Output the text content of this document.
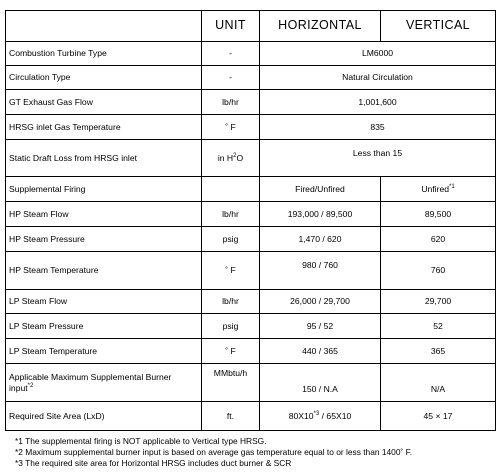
	UNIT	HORIZONTAL	VERTICAL
Combustion Turbine Type	-	LM6000	
Circulation Type	-	Natural Circulation	
GT Exhaust Gas Flow	lb/hr	1,001,600	
HRSG inlet Gas Temperature	˚ F	835	
Static Draft Loss from HRSG inlet	in $H^2O$	Less than 15	
Supplemental Firing		Fired/Unfired	Unfired$^{*1}$
HP Steam Flow	lb/hr	193,000 / 89,500	89,500
HP Steam Pressure	psig	1,470 / 620	620
HP Steam Temperature	˚ F	980 / 760	760
LP Steam Flow	lb/hr	26,000 / 29,700	29,700
LP Steam Pressure	psig	95 / 52	52
LP Steam Temperature	˚ F	440 / 365	365
Applicable Maximum Supplemental Burner input$^{*2}$	MMbtu/h	150 / N.A	N/A
Required Site Area (LxD)	ft.	80X10$^{*3}$ / 65X10	45 × 17
*1 The supplemental firing is NOT applicable to Vertical type HRSG.
*2 Maximum supplemental burner input is based on average gas temperature equal to or less than 1400˚ F.
*3 The required site area for Horizontal HRSG includes duct burner & SCR
